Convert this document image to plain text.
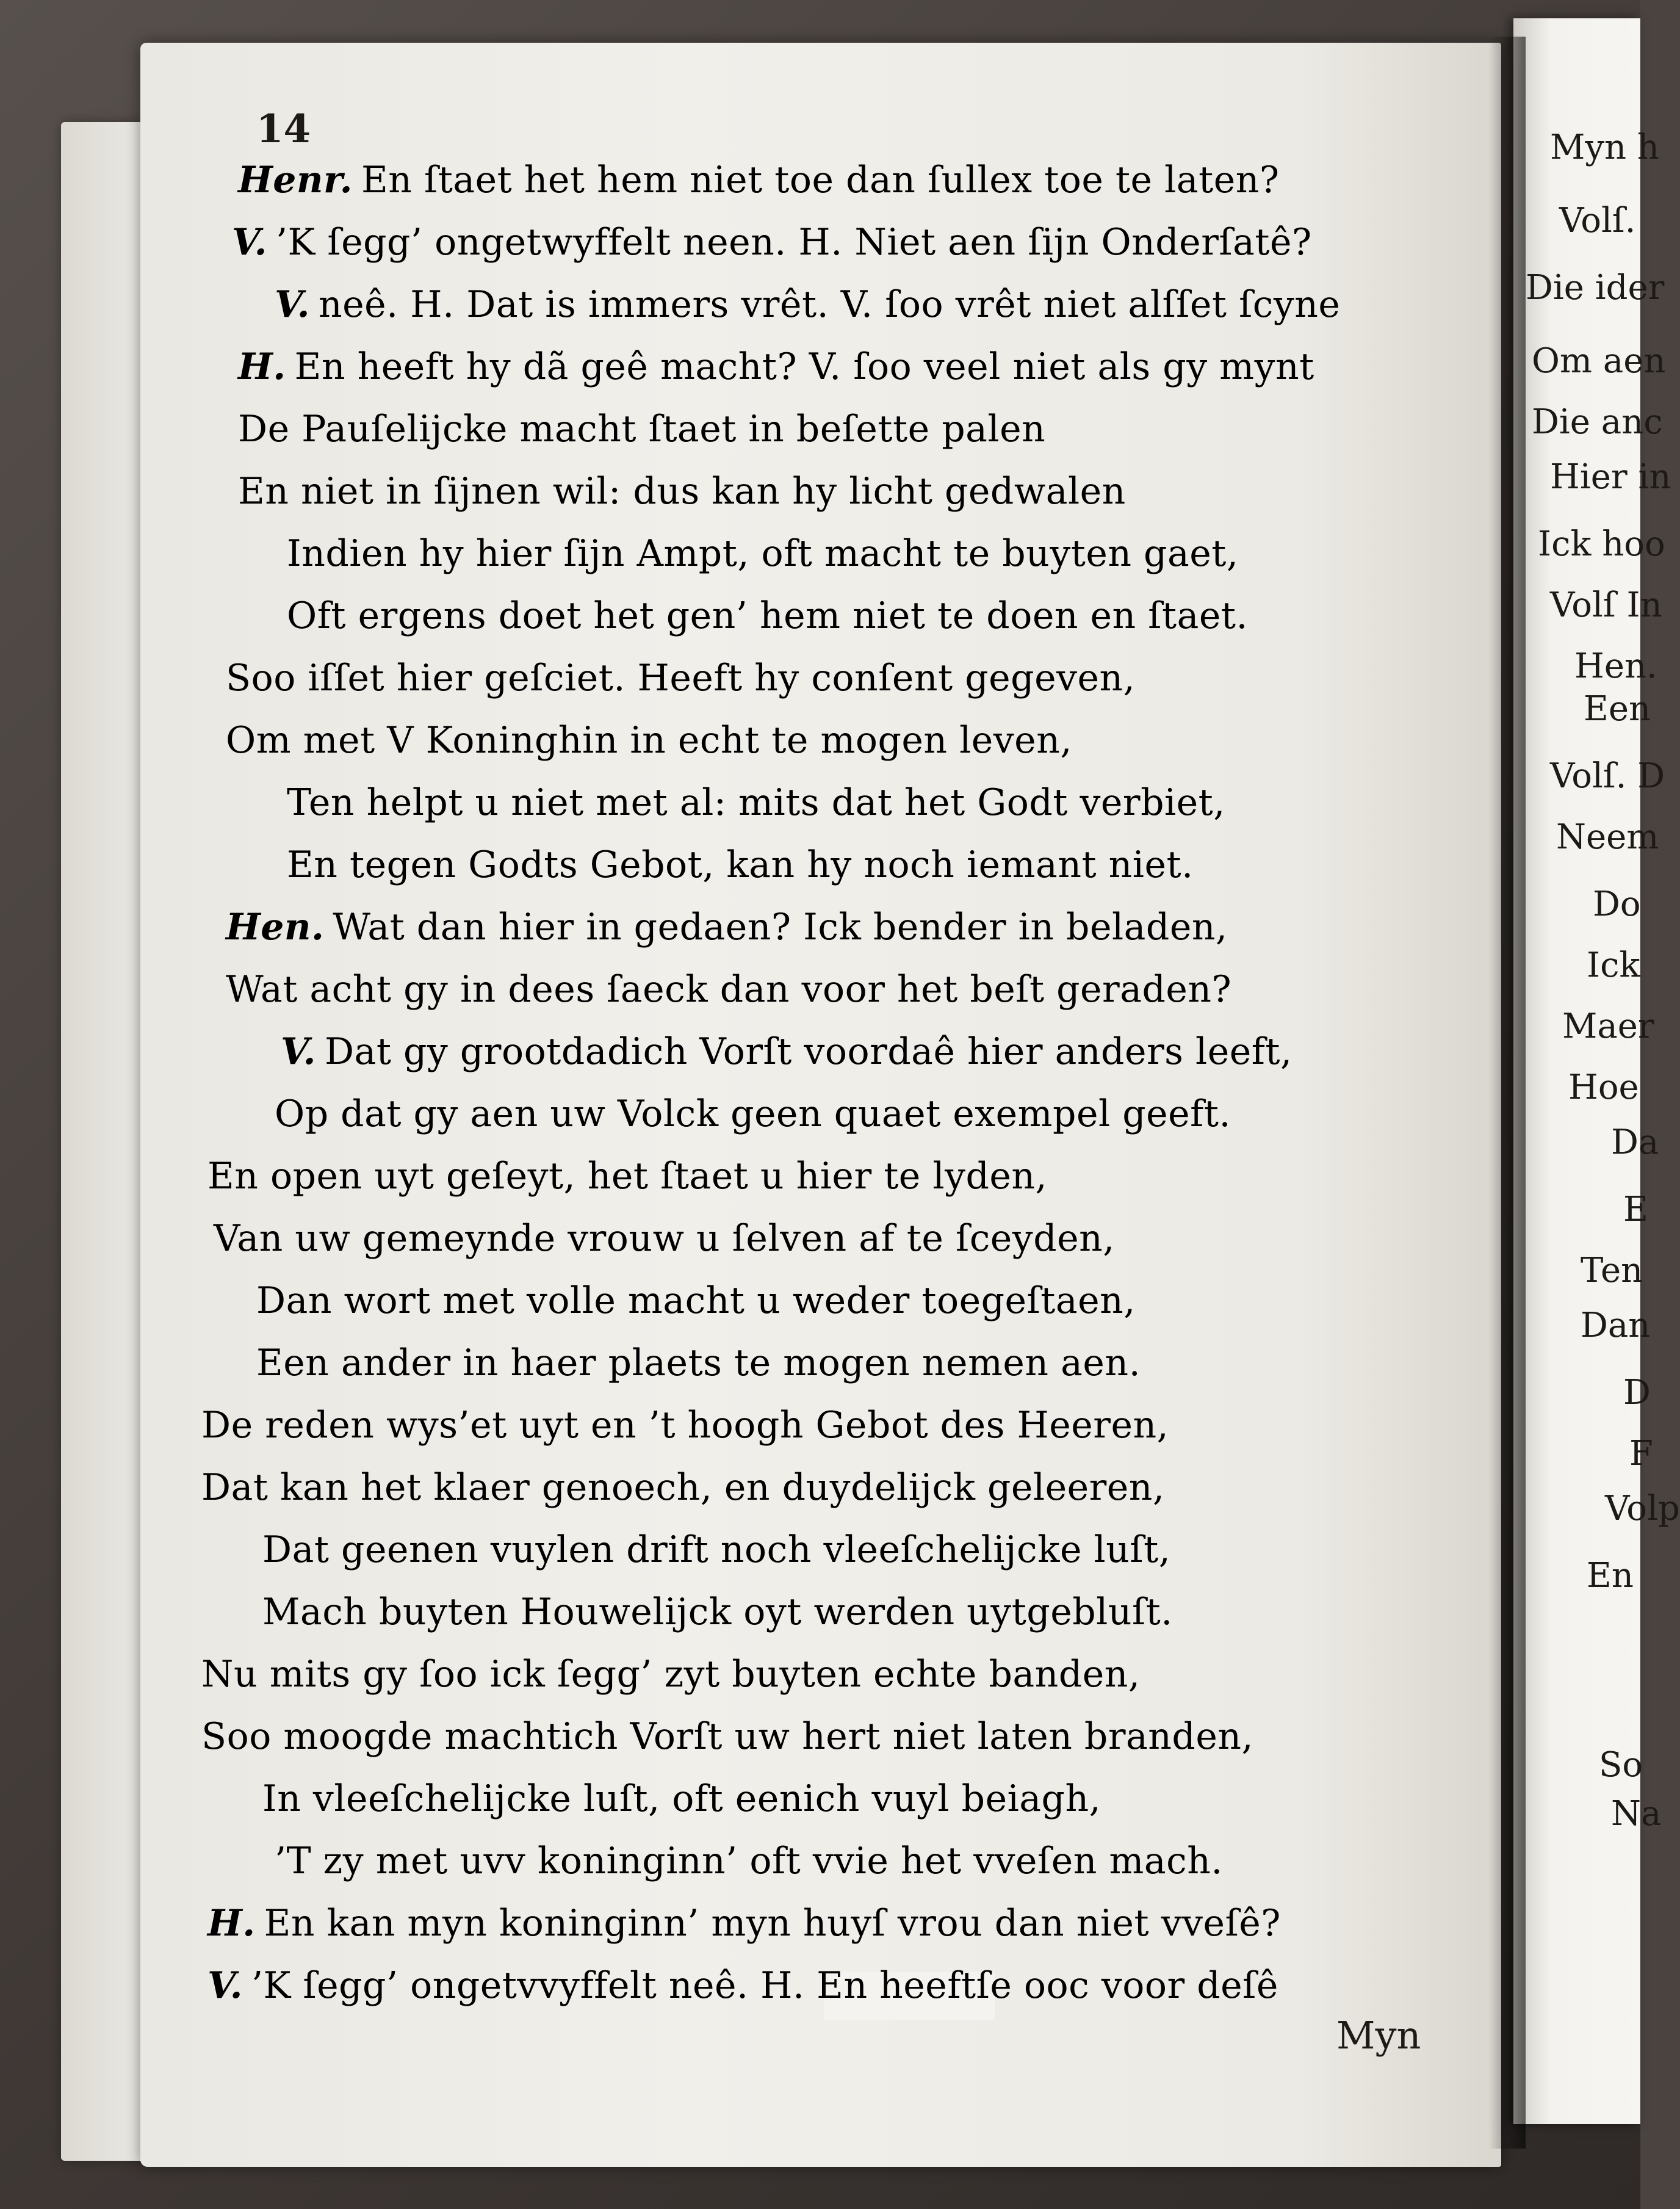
14
Myn
Henr. En ſtaet het hem niet toe dan ſullex toe te laten?
V. ’K ſegg’ ongetwyffelt neen. H. Niet aen ſijn Onderſatê?
V. neê. H. Dat is immers vrêt. V. ſoo vrêt niet alſſet ſcyne
H. En heeft hy dã geê macht? V. ſoo veel niet als gy mynt
De Pauſelijcke macht ſtaet in beſette palen
En niet in ſijnen wil: dus kan hy licht gedwalen
Indien hy hier ſijn Ampt, oft macht te buyten gaet,
Oft ergens doet het gen’ hem niet te doen en ſtaet.
Soo iſſet hier geſciet. Heeft hy conſent gegeven,
Om met V Koninghin in echt te mogen leven,
Ten helpt u niet met al: mits dat het Godt verbiet,
En tegen Godts Gebot, kan hy noch iemant niet.
Hen. Wat dan hier in gedaen? Ick bender in beladen,
Wat acht gy in dees ſaeck dan voor het beſt geraden?
V. Dat gy grootdadich Vorſt voordaê hier anders leeft,
Op dat gy aen uw Volck geen quaet exempel geeft.
En open uyt geſeyt, het ſtaet u hier te lyden,
Van uw gemeynde vrouw u ſelven af te ſceyden,
Dan wort met volle macht u weder toegeſtaen,
Een ander in haer plaets te mogen nemen aen.
De reden wys’et uyt en ’t hoogh Gebot des Heeren,
Dat kan het klaer genoech, en duydelijck geleeren,
Dat geenen vuylen drift noch vleeſchelijcke luſt,
Mach buyten Houwelijck oyt werden uytgebluſt.
Nu mits gy ſoo ick ſegg’ zyt buyten echte banden,
Soo moogde machtich Vorſt uw hert niet laten branden,
In vleeſchelijcke luſt, oft eenich vuyl beiagh,
’T zy met uvv koninginn’ oft vvie het vveſen mach.
H. En kan myn koninginn’ myn huyſ vrou dan niet vveſê?
V. ’K ſegg’ ongetvvyffelt neê. H. En heeftſe ooc voor deſê
Myn h
Volſ.
Die ider
Om aen
Die anc
Hier in
Ick hoo
Volſ In
Hen.
Een
Volſ. D
Neem
Do
Ick
Maer
Hoe
Da
E
Ten
Dan
D
F
Volp
En
So
Na
